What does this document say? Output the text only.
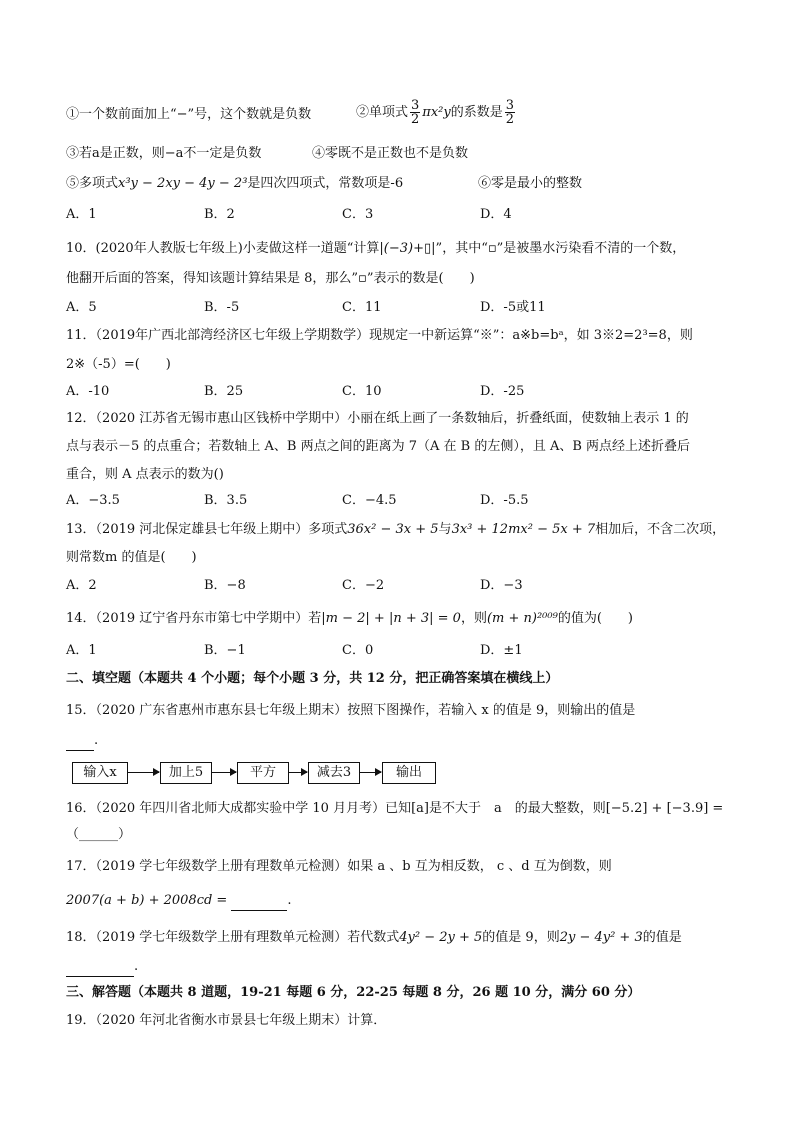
①一个数前面加上“−”号，这个数就是负数	②单项式 $\frac{3}{2} \pi x^2y$的系数是 $\frac{3}{2}$
③若a是正数，则−a不一定是负数	④零既不是正数也不是负数
⑤多项式x³y − 2xy − 4y − 2³是四次四项式，常数项是-6	⑥零是最小的整数
A．1	B．2	C．3	D．4
10．(2020年人教版七年级上)小麦做这样一道题“计算|(−3)+▯|”，其中“▫”是被墨水污染看不清的一个数，
他翻开后面的答案，得知该题计算结果是 8，那么”▫”表示的数是(　　)
A．5	B．-5	C．11	D．-5或11
11．（2019年广西北部湾经济区七年级上学期数学）现规定一中新运算“※”：a※b=bᵃ，如 3※2=2³=8，则
2※（-5）=(　　)
A．-10	B．25	C．10	D．-25
12．（2020 江苏省无锡市惠山区钱桥中学期中）小丽在纸上画了一条数轴后，折叠纸面，使数轴上表示 1 的
点与表示－5 的点重合；若数轴上 A、B 两点之间的距离为 7（A 在 B 的左侧），且 A、B 两点经上述折叠后
重合，则 A 点表示的数为()
A．−3.5	B．3.5	C．−4.5	D．-5.5
13．（2019 河北保定雄县七年级上期中）多项式36x² − 3x + 5与3x³ + 12mx² − 5x + 7相加后，不含二次项，
则常数m 的值是(　　)
A．2	B．−8	C．−2	D．−3
14．（2019 辽宁省丹东市第七中学期中）若|m − 2| + |n + 3| = 0，则(m + n)²⁰⁰⁹的值为(　　)
A．1	B．−1	C．0	D．±1
二、填空题（本题共 4 个小题；每个小题 3 分，共 12 分，把正确答案填在横线上）
15．（2020 广东省惠州市惠东县七年级上期末）按照下图操作，若输入 x 的值是 9，则输出的值是
.
输入x	加上5	平方	减去3	输出
16．（2020 年四川省北师大成都实验中学 10 月月考）已知[a]是不大于　a　的最大整数，则[−5.2] + [−3.9] =
（______）
17．（2019 学七年级数学上册有理数单元检测）如果 a 、b 互为相反数， c 、d 互为倒数，则
2007(a + b) + 2008cd =	.
18．（2019 学七年级数学上册有理数单元检测）若代数式4y² − 2y + 5的值是 9，则2y − 4y² + 3的值是
.
三、解答题（本题共 8 道题，19-21 每题 6 分，22-25 每题 8 分，26 题 10 分，满分 60 分）
19．（2020 年河北省衡水市景县七年级上期末）计算．
